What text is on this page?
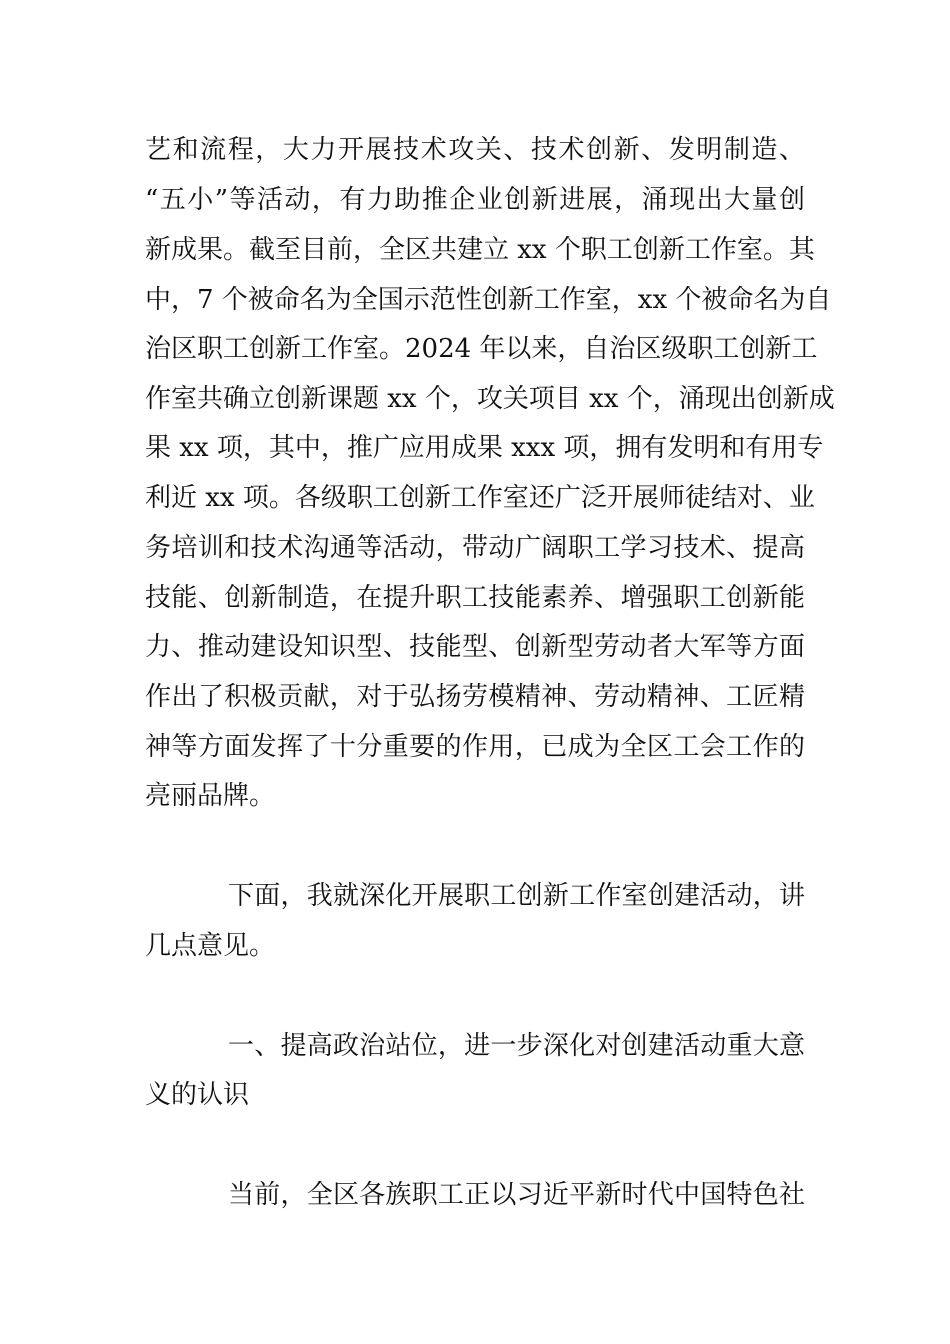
艺和流程，大力开展技术攻关、技术创新、发明制造、

“五小”等活动，有力助推企业创新进展，涌现出大量创

新成果。截至目前，全区共建立 xx 个职工创新工作室。其

中，7 个被命名为全国示范性创新工作室，xx 个被命名为自

治区职工创新工作室。2024 年以来，自治区级职工创新工

作室共确立创新课题 xx 个，攻关项目 xx 个，涌现出创新成

果 xx 项，其中，推广应用成果 xxx 项，拥有发明和有用专

利近 xx 项。各级职工创新工作室还广泛开展师徒结对、业

务培训和技术沟通等活动，带动广阔职工学习技术、提高

技能、创新制造，在提升职工技能素养、增强职工创新能

力、推动建设知识型、技能型、创新型劳动者大军等方面

作出了积极贡献，对于弘扬劳模精神、劳动精神、工匠精

神等方面发挥了十分重要的作用，已成为全区工会工作的

亮丽品牌。

下面，我就深化开展职工创新工作室创建活动，讲

几点意见。

一、提高政治站位，进一步深化对创建活动重大意

义的认识

当前，全区各族职工正以习近平新时代中国特色社
